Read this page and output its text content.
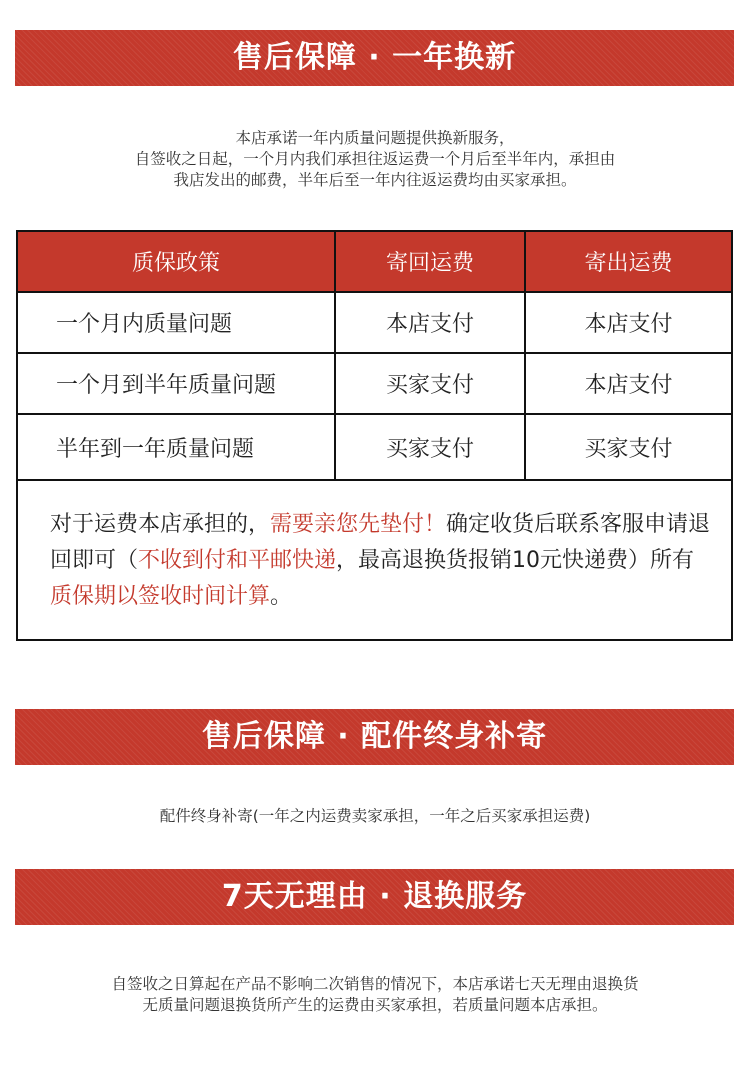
售后保障 · 一年换新
本店承诺一年内质量问题提供换新服务，
自签收之日起，一个月内我们承担往返运费一个月后至半年内，承担由
我店发出的邮费，半年后至一年内往返运费均由买家承担。
质保政策	寄回运费	寄出运费
一个月内质量问题	本店支付	本店支付
一个月到半年质量问题	买家支付	本店支付
半年到一年质量问题	买家支付	买家支付
对于运费本店承担的，需要亲您先垫付！确定收货后联系客服申请退回即可（不收到付和平邮快递，最高退换货报销10元快递费）所有质保期以签收时间计算。
售后保障 · 配件终身补寄
配件终身补寄(一年之内运费卖家承担，一年之后买家承担运费)
7天无理由 · 退换服务
自签收之日算起在产品不影响二次销售的情况下，本店承诺七天无理由退换货
无质量问题退换货所产生的运费由买家承担，若质量问题本店承担。
